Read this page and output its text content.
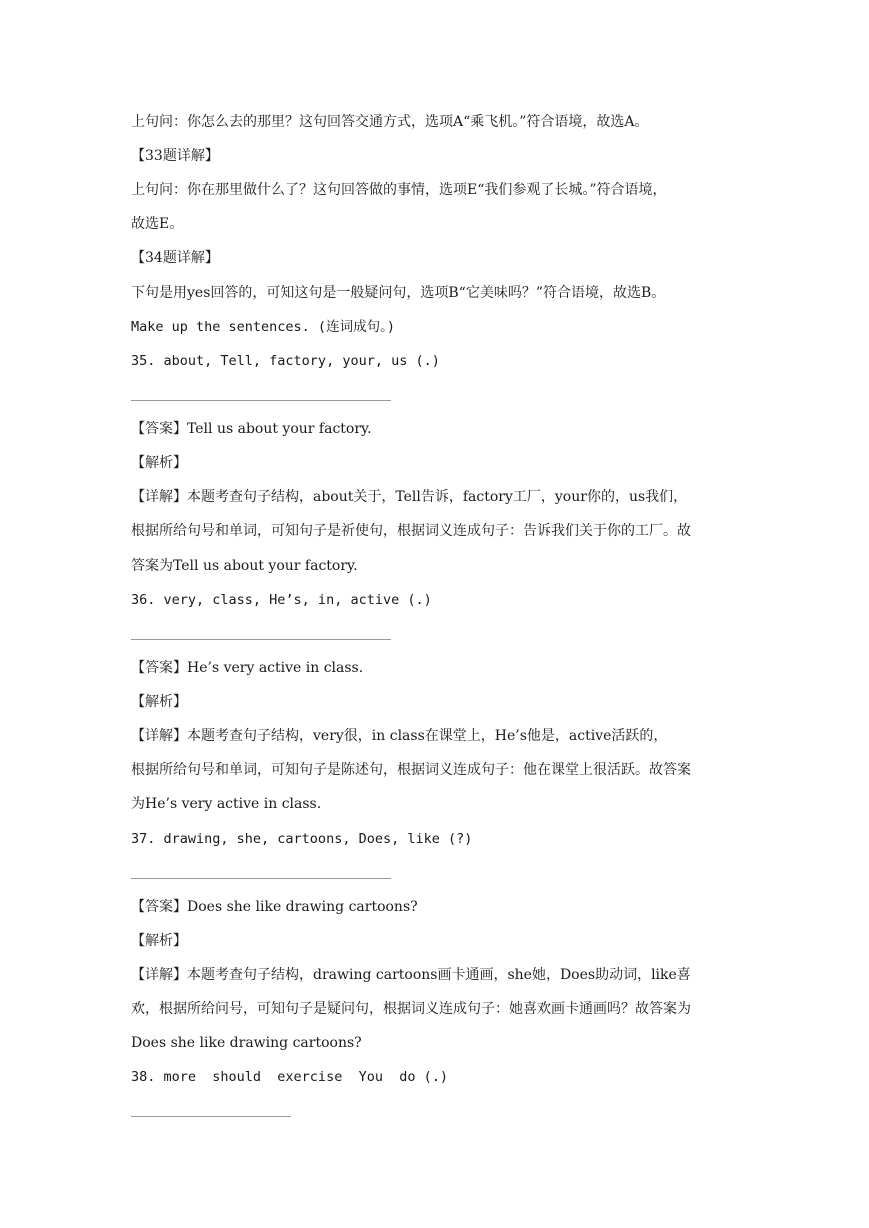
上句问：你怎么去的那里？这句回答交通方式，选项A“乘飞机。”符合语境，故选A。
【33题详解】
上句问：你在那里做什么了？这句回答做的事情，选项E“我们参观了长城。”符合语境，
故选E。
【34题详解】
下句是用yes回答的，可知这句是一般疑问句，选项B“它美味吗？”符合语境，故选B。
Make up the sentences. (连词成句。)
35. about, Tell, factory, your, us (.)
【答案】Tell us about your factory.
【解析】
【详解】本题考查句子结构，about关于，Tell告诉，factory工厂，your你的，us我们，
根据所给句号和单词，可知句子是祈使句，根据词义连成句子：告诉我们关于你的工厂。故
答案为Tell us about your factory.
36. very, class, He’s, in, active (.)
【答案】He’s very active in class.
【解析】
【详解】本题考查句子结构，very很，in class在课堂上，He’s他是，active活跃的，
根据所给句号和单词，可知句子是陈述句，根据词义连成句子：他在课堂上很活跃。故答案
为He’s very active in class.
37. drawing, she, cartoons, Does, like (?)
【答案】Does she like drawing cartoons?
【解析】
【详解】本题考查句子结构，drawing cartoons画卡通画，she她，Does助动词，like喜
欢，根据所给问号，可知句子是疑问句，根据词义连成句子：她喜欢画卡通画吗？故答案为
Does she like drawing cartoons?
38. more  should  exercise  You  do (.)
